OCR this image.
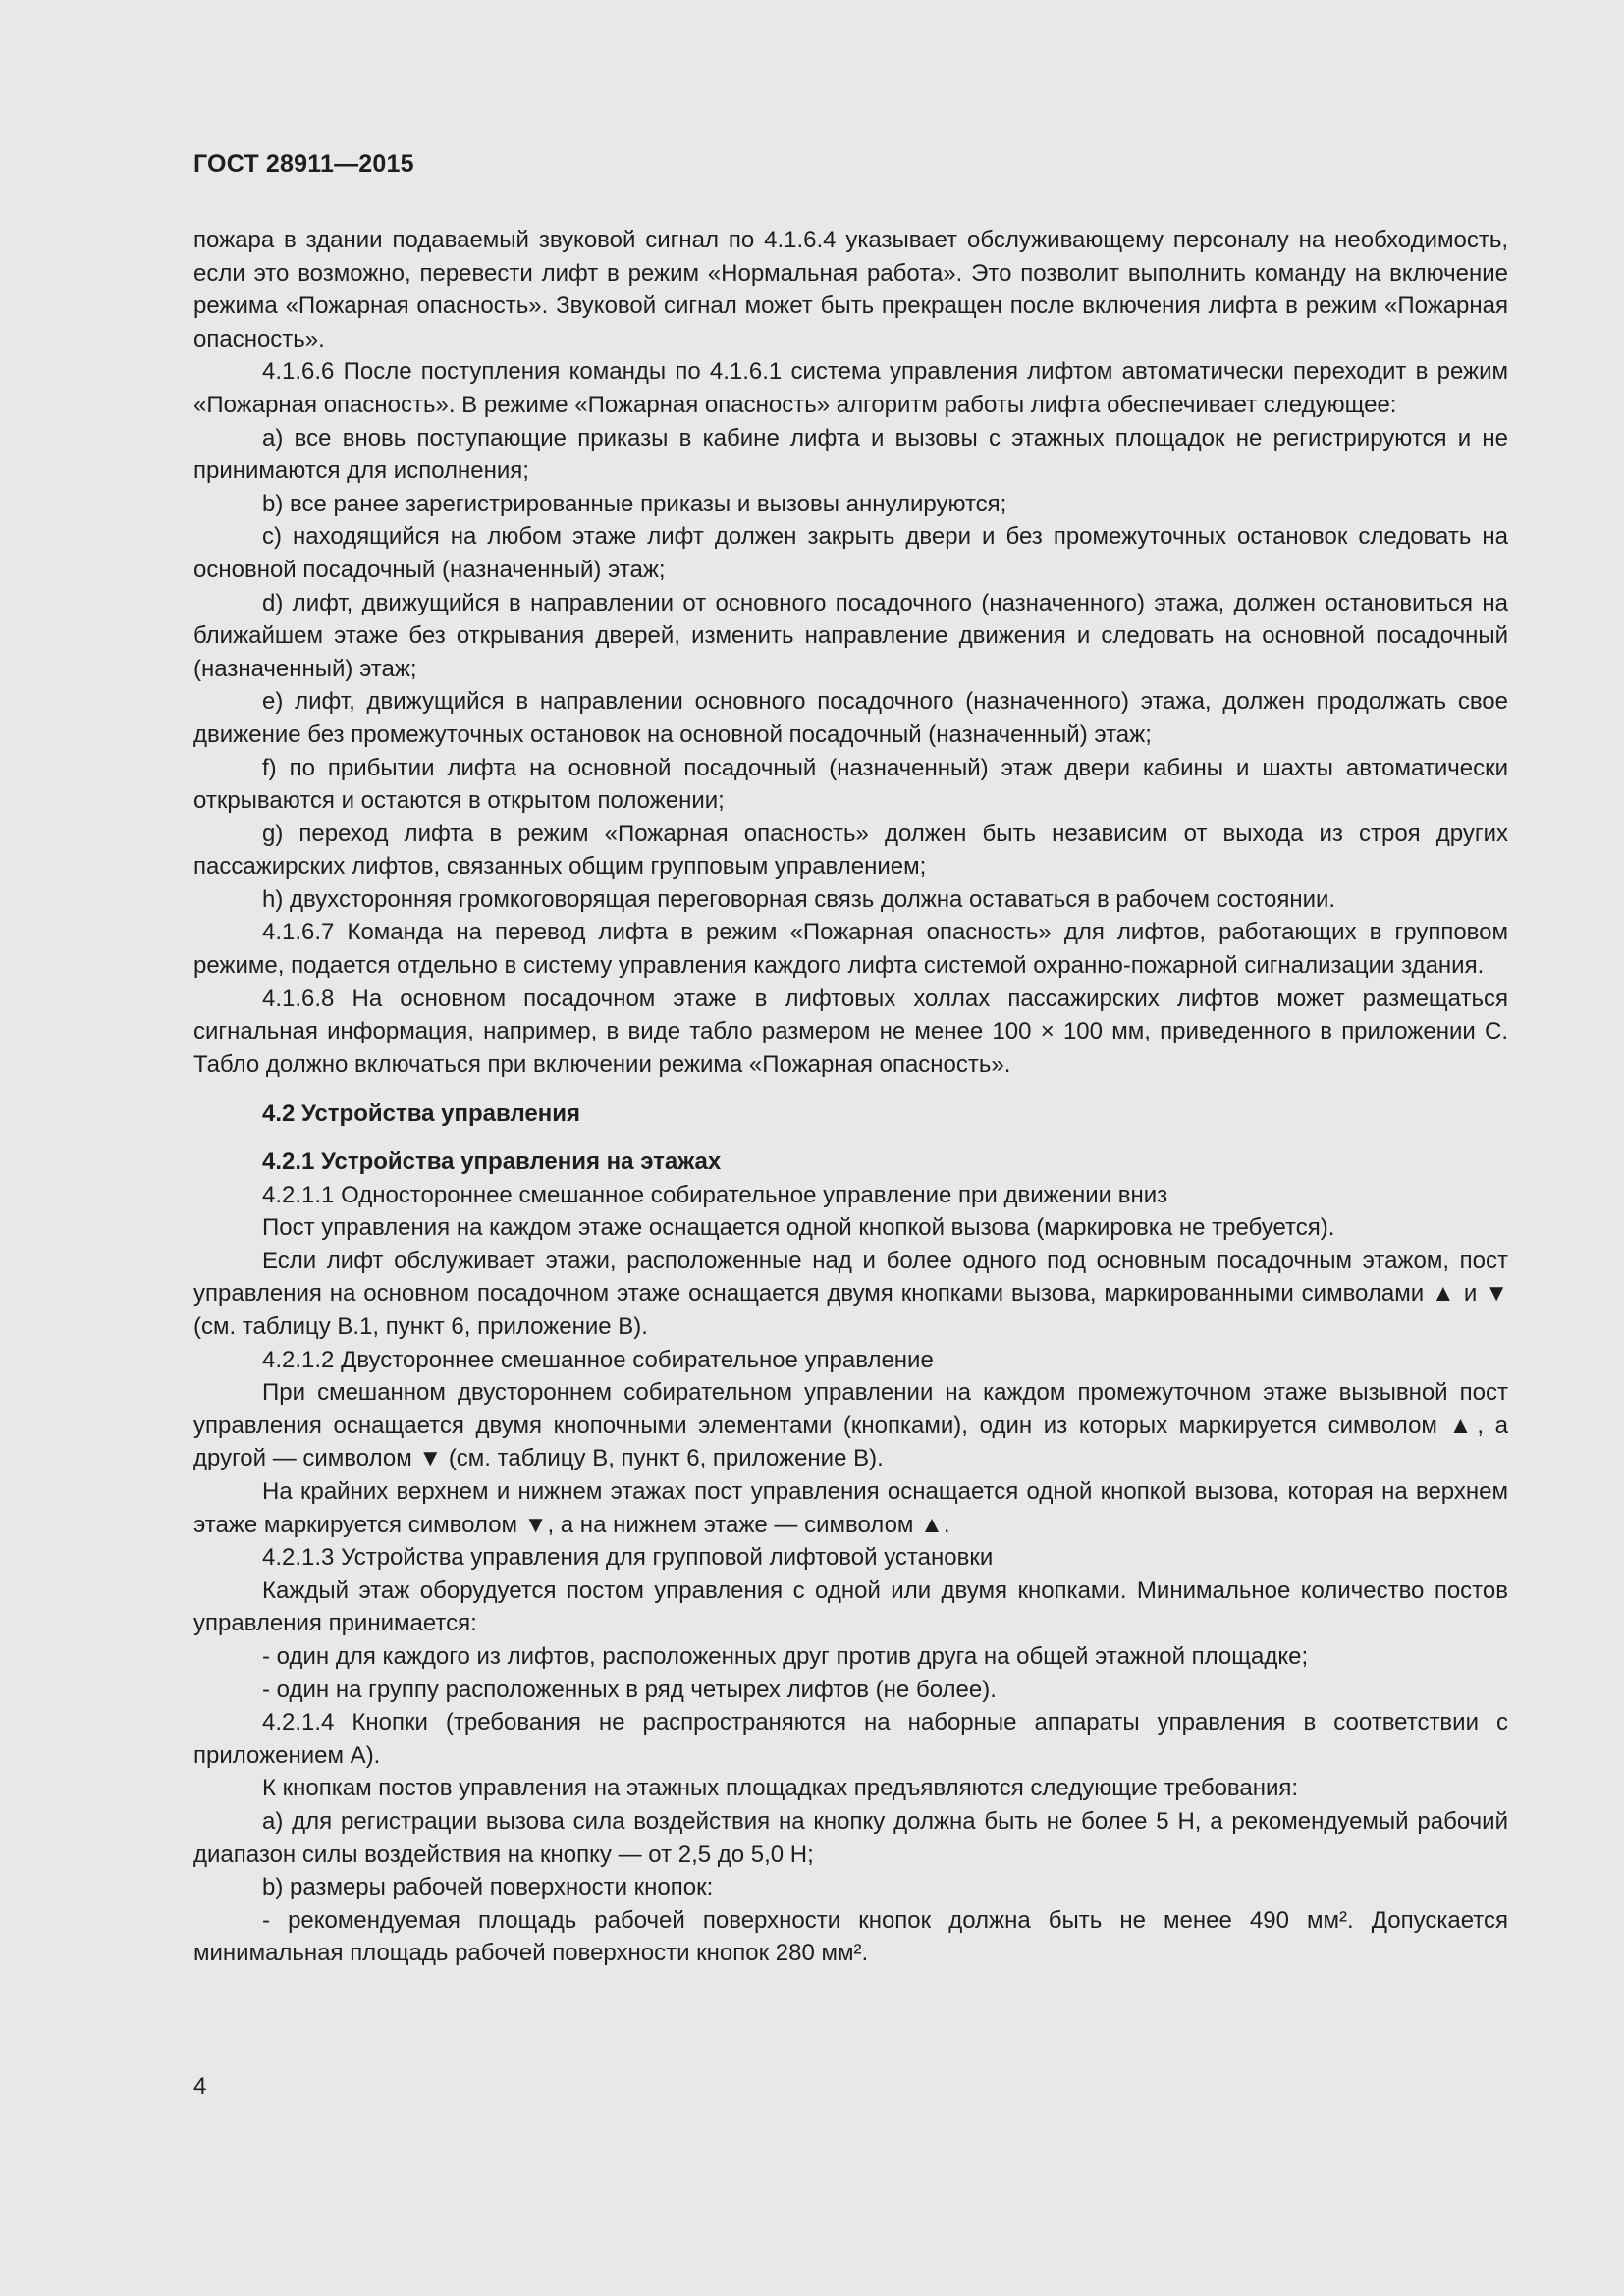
ГОСТ 28911—2015

пожара в здании подаваемый звуковой сигнал по 4.1.6.4 указывает обслуживающему персоналу на необходимость, если это возможно, перевести лифт в режим «Нормальная работа». Это позволит выполнить команду на включение режима «Пожарная опасность». Звуковой сигнал может быть прекращен после включения лифта в режим «Пожарная опасность».

4.1.6.6 После поступления команды по 4.1.6.1 система управления лифтом автоматически переходит в режим «Пожарная опасность». В режиме «Пожарная опасность» алгоритм работы лифта обеспечивает следующее:

а) все вновь поступающие приказы в кабине лифта и вызовы с этажных площадок не регистрируются и не принимаются для исполнения;

b) все ранее зарегистрированные приказы и вызовы аннулируются;

c) находящийся на любом этаже лифт должен закрыть двери и без промежуточных остановок следовать на основной посадочный (назначенный) этаж;

d) лифт, движущийся в направлении от основного посадочного (назначенного) этажа, должен остановиться на ближайшем этаже без открывания дверей, изменить направление движения и следовать на основной посадочный (назначенный) этаж;

e) лифт, движущийся в направлении основного посадочного (назначенного) этажа, должен продолжать свое движение без промежуточных остановок на основной посадочный (назначенный) этаж;

f) по прибытии лифта на основной посадочный (назначенный) этаж двери кабины и шахты автоматически открываются и остаются в открытом положении;

g) переход лифта в режим «Пожарная опасность» должен быть независим от выхода из строя других пассажирских лифтов, связанных общим групповым управлением;

h) двухсторонняя громкоговорящая переговорная связь должна оставаться в рабочем состоянии.

4.1.6.7 Команда на перевод лифта в режим «Пожарная опасность» для лифтов, работающих в групповом режиме, подается отдельно в систему управления каждого лифта системой охранно-пожарной сигнализации здания.

4.1.6.8 На основном посадочном этаже в лифтовых холлах пассажирских лифтов может размещаться сигнальная информация, например, в виде табло размером не менее 100 × 100 мм, приведенного в приложении С. Табло должно включаться при включении режима «Пожарная опасность».

4.2 Устройства управления

4.2.1 Устройства управления на этажах

4.2.1.1 Одностороннее смешанное собирательное управление при движении вниз

Пост управления на каждом этаже оснащается одной кнопкой вызова (маркировка не требуется).

Если лифт обслуживает этажи, расположенные над и более одного под основным посадочным этажом, пост управления на основном посадочном этаже оснащается двумя кнопками вызова, маркированными символами ▲ и ▼ (см. таблицу В.1, пункт 6, приложение В).

4.2.1.2 Двустороннее смешанное собирательное управление

При смешанном двустороннем собирательном управлении на каждом промежуточном этаже вызывной пост управления оснащается двумя кнопочными элементами (кнопками), один из которых маркируется символом ▲, а другой — символом ▼ (см. таблицу В, пункт 6, приложение В).

На крайних верхнем и нижнем этажах пост управления оснащается одной кнопкой вызова, которая на верхнем этаже маркируется символом ▼, а на нижнем этаже — символом ▲.

4.2.1.3 Устройства управления для групповой лифтовой установки

Каждый этаж оборудуется постом управления с одной или двумя кнопками. Минимальное количество постов управления принимается:

- один для каждого из лифтов, расположенных друг против друга на общей этажной площадке;

- один на группу расположенных в ряд четырех лифтов (не более).

4.2.1.4 Кнопки (требования не распространяются на наборные аппараты управления в соответствии с приложением А).

К кнопкам постов управления на этажных площадках предъявляются следующие требования:

а) для регистрации вызова сила воздействия на кнопку должна быть не более 5 Н, а рекомендуемый рабочий диапазон силы воздействия на кнопку — от 2,5 до 5,0 Н;

b) размеры рабочей поверхности кнопок:

- рекомендуемая площадь рабочей поверхности кнопок должна быть не менее 490 мм². Допускается минимальная площадь рабочей поверхности кнопок 280 мм².

4
